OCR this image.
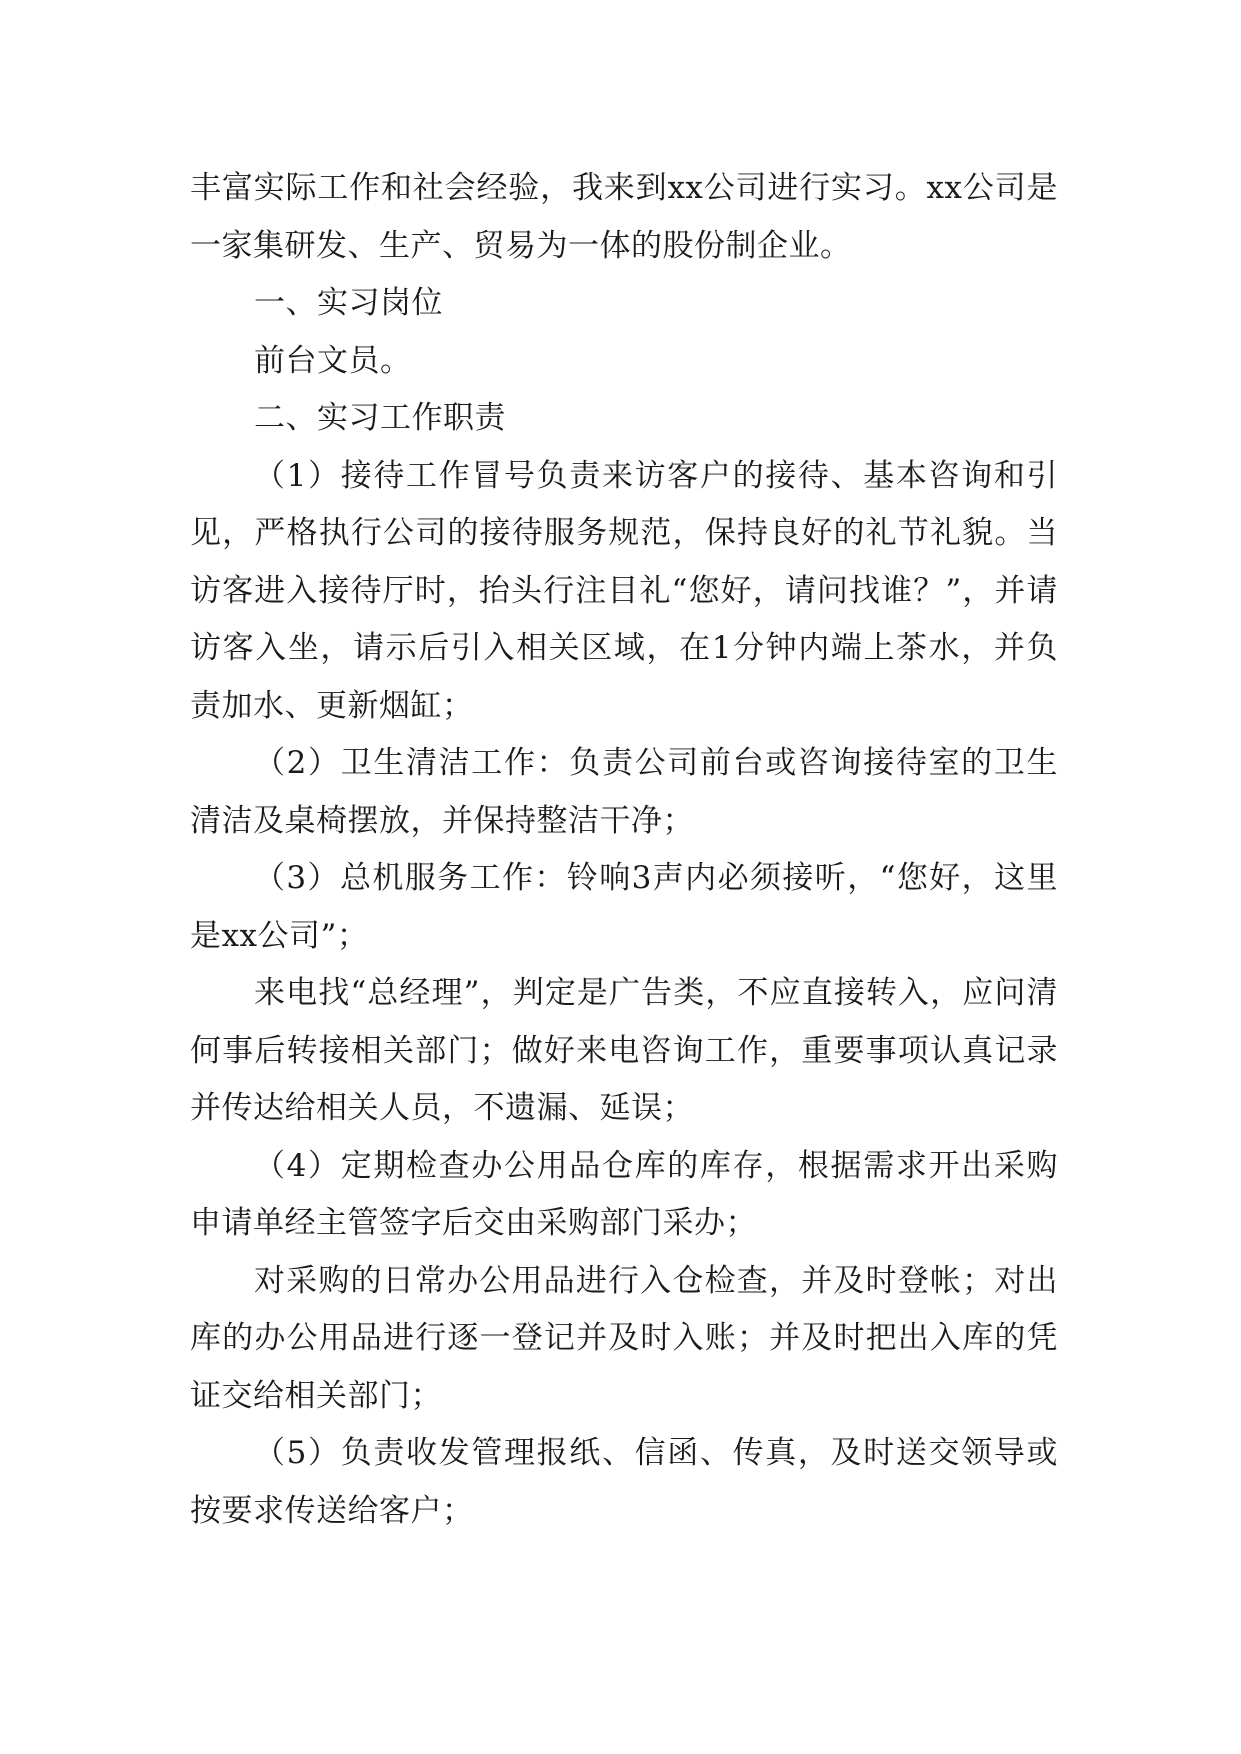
丰富实际工作和社会经验，我来到xx公司进行实习。xx公司是一家集研发、生产、贸易为一体的股份制企业。

一、实习岗位

前台文员。

二、实习工作职责

（1）接待工作冒号负责来访客户的接待、基本咨询和引见，严格执行公司的接待服务规范，保持良好的礼节礼貌。当访客进入接待厅时，抬头行注目礼“您好，请问找谁？”，并请访客入坐，请示后引入相关区域，在1分钟内端上茶水，并负责加水、更新烟缸；

（2）卫生清洁工作：负责公司前台或咨询接待室的卫生清洁及桌椅摆放，并保持整洁干净；

（3）总机服务工作：铃响3声内必须接听，“您好，这里是xx公司”；

来电找“总经理”，判定是广告类，不应直接转入，应问清何事后转接相关部门；做好来电咨询工作，重要事项认真记录并传达给相关人员，不遗漏、延误；

（4）定期检查办公用品仓库的库存，根据需求开出采购申请单经主管签字后交由采购部门采办；

对采购的日常办公用品进行入仓检查，并及时登帐；对出库的办公用品进行逐一登记并及时入账；并及时把出入库的凭证交给相关部门；

（5）负责收发管理报纸、信函、传真，及时送交领导或按要求传送给客户；
